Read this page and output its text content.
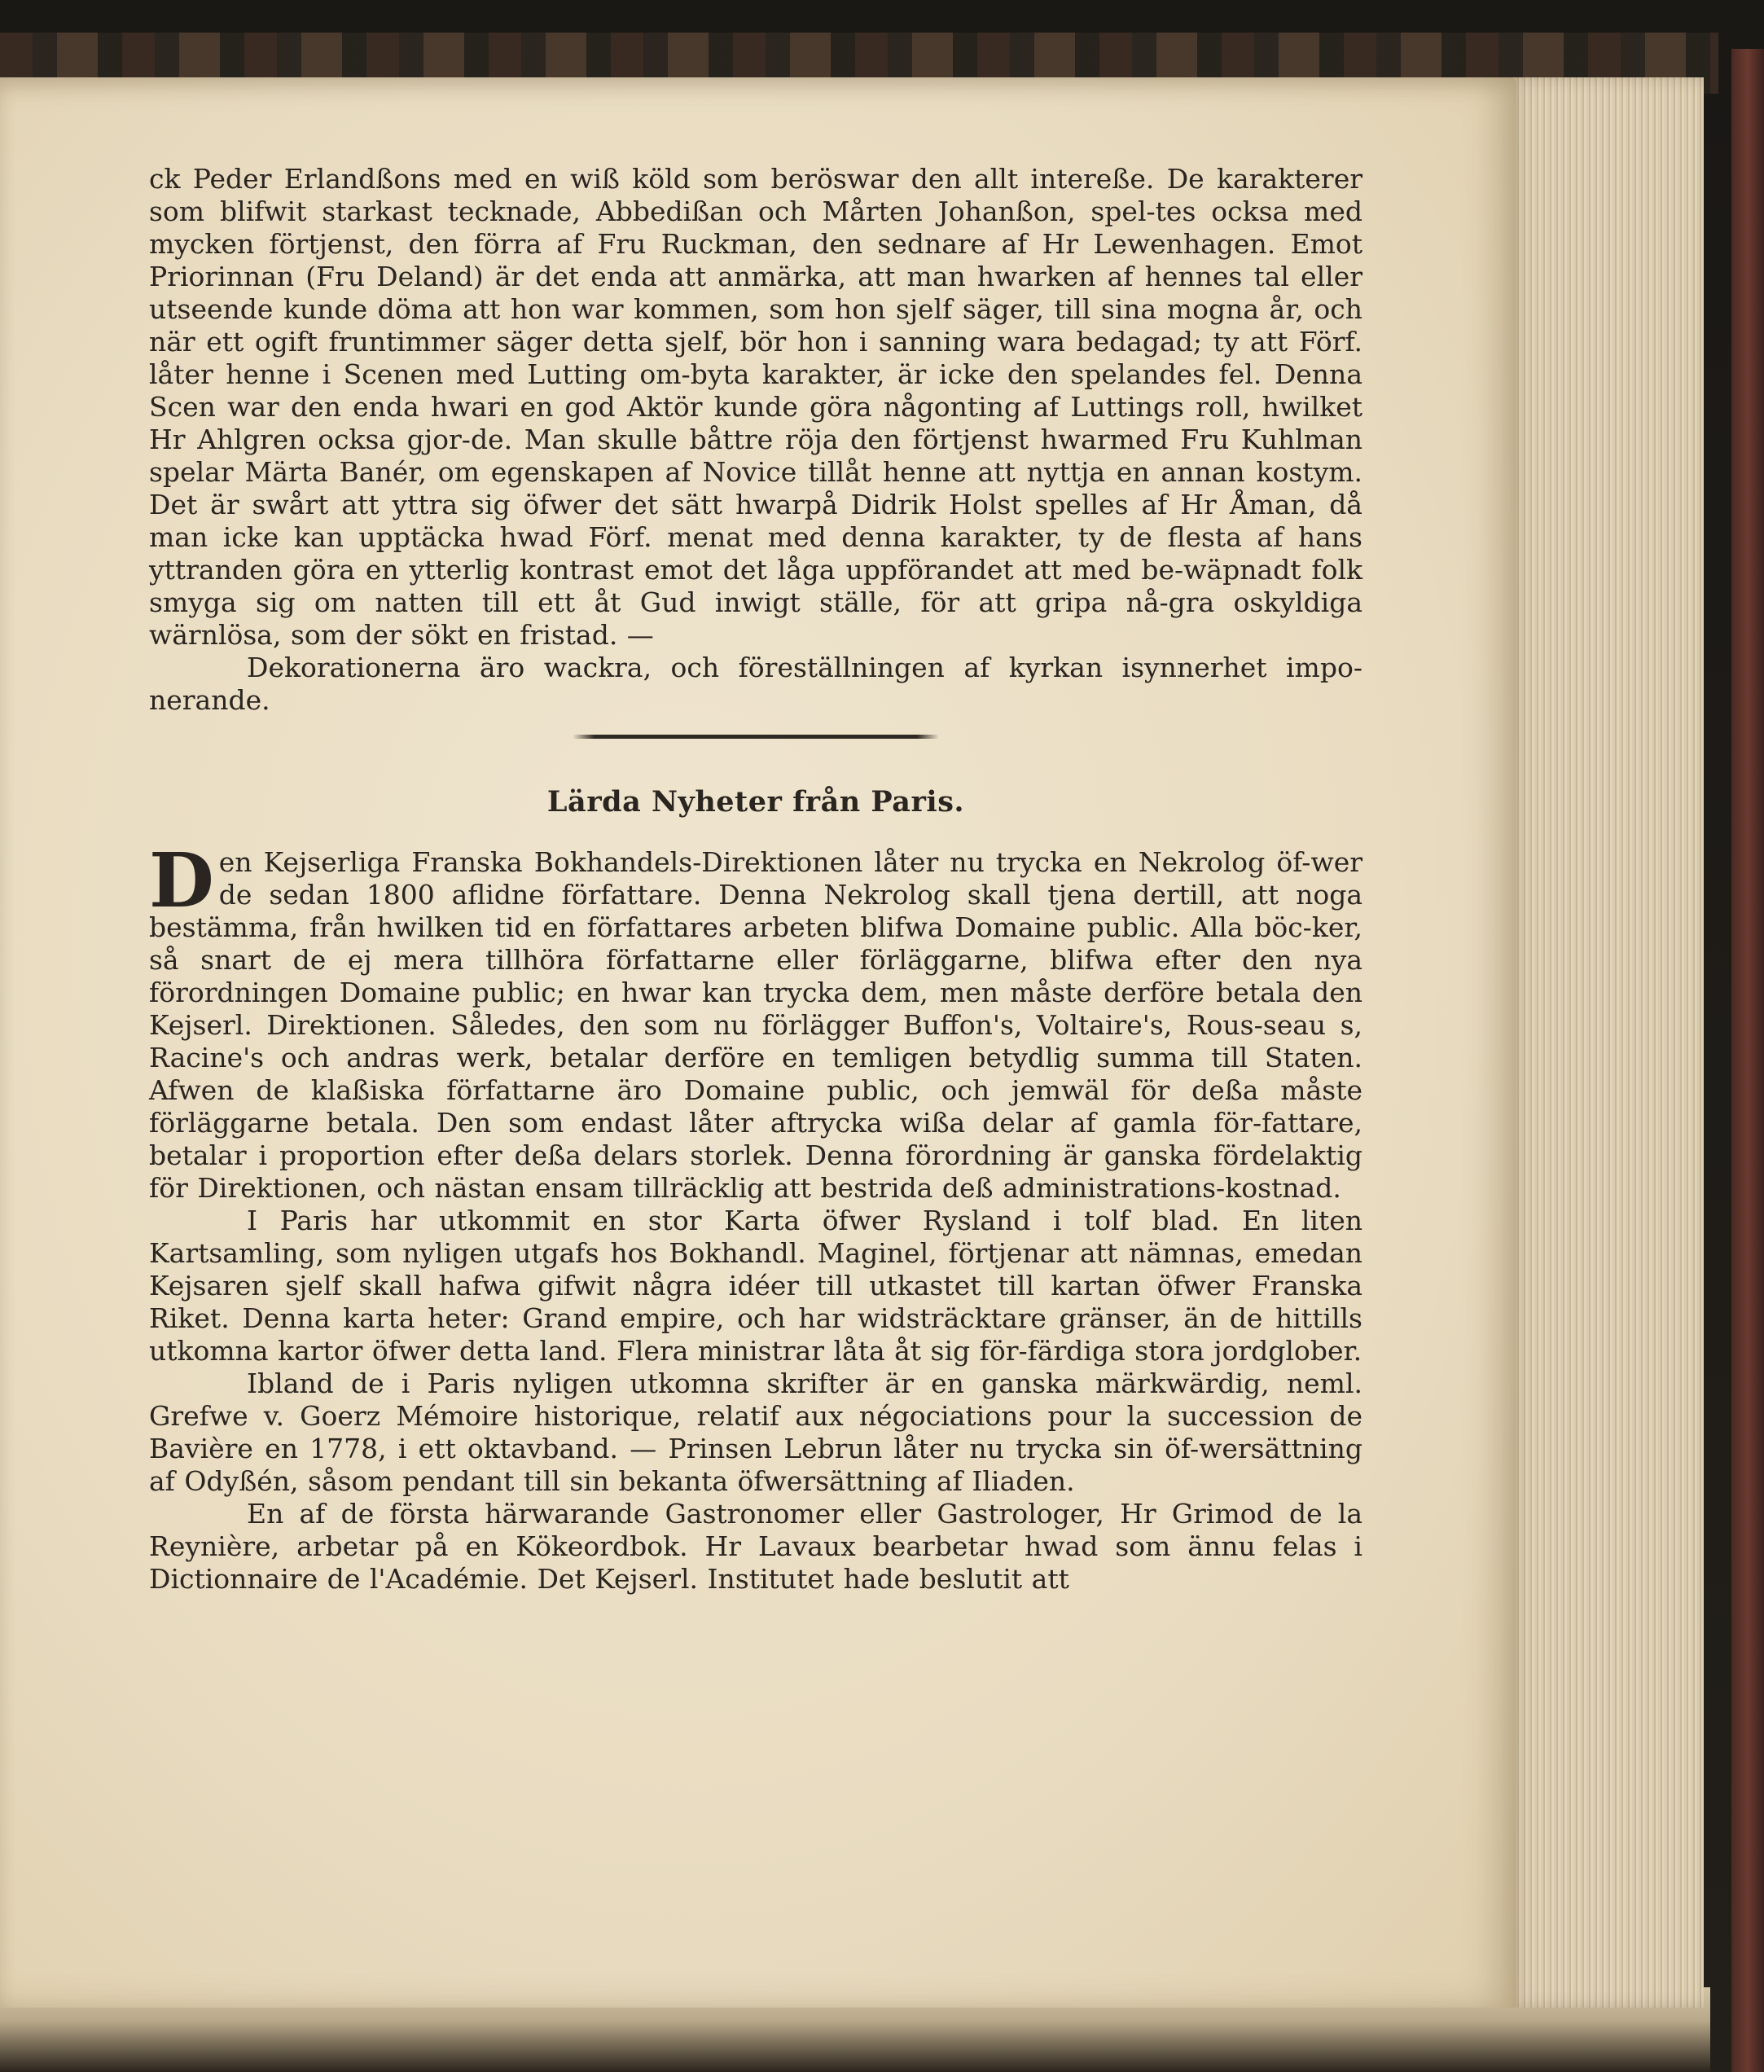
ck Peder Erlandßons med en wiß köld som beröswar den allt intereße. De karakterer som blifwit starkast tecknade, Abbedißan och Mårten Johanßon, spel-tes ocksa med mycken förtjenst, den förra af Fru Ruckman, den sednare af Hr Lewenhagen. Emot Priorinnan (Fru Deland) är det enda att anmärka, att man hwarken af hennes tal eller utseende kunde döma att hon war kommen, som hon sjelf säger, till sina mogna år, och när ett ogift fruntimmer säger detta sjelf, bör hon i sanning wara bedagad; ty att Förf. låter henne i Scenen med Lutting om-byta karakter, är icke den spelandes fel. Denna Scen war den enda hwari en god Aktör kunde göra någonting af Luttings roll, hwilket Hr Ahlgren ocksa gjor-de. Man skulle båttre röja den förtjenst hwarmed Fru Kuhlman spelar Märta Banér, om egenskapen af Novice tillåt henne att nyttja en annan kostym. Det är swårt att yttra sig öfwer det sätt hwarpå Didrik Holst spelles af Hr Åman, då man icke kan upptäcka hwad Förf. menat med denna karakter, ty de flesta af hans yttranden göra en ytterlig kontrast emot det låga uppförandet att med be-wäpnadt folk smyga sig om natten till ett åt Gud inwigt ställe, för att gripa nå-gra oskyldiga wärnlösa, som der sökt en fristad. —

Dekorationerna äro wackra, och föreställningen af kyrkan isynnerhet impo-nerande.

Lärda Nyheter från Paris.

Den Kejserliga Franska Bokhandels-Direktionen låter nu trycka en Nekrolog öf-wer de sedan 1800 aflidne författare. Denna Nekrolog skall tjena dertill, att noga bestämma, från hwilken tid en författares arbeten blifwa Domaine public. Alla böc-ker, så snart de ej mera tillhöra författarne eller förläggarne, blifwa efter den nya förordningen Domaine public; en hwar kan trycka dem, men måste derföre betala den Kejserl. Direktionen. Således, den som nu förlägger Buffon's, Voltaire's, Rous-seau s, Racine's och andras werk, betalar derföre en temligen betydlig summa till Staten. Afwen de klaßiska författarne äro Domaine public, och jemwäl för deßa måste förläggarne betala. Den som endast låter aftrycka wißa delar af gamla för-fattare, betalar i proportion efter deßa delars storlek. Denna förordning är ganska fördelaktig för Direktionen, och nästan ensam tillräcklig att bestrida deß administrations-kostnad.

I Paris har utkommit en stor Karta öfwer Rysland i tolf blad. En liten Kartsamling, som nyligen utgafs hos Bokhandl. Maginel, förtjenar att nämnas, emedan Kejsaren sjelf skall hafwa gifwit några idéer till utkastet till kartan öfwer Franska Riket. Denna karta heter: Grand empire, och har widsträcktare gränser, än de hittills utkomna kartor öfwer detta land. Flera ministrar låta åt sig för-färdiga stora jordglober.

Ibland de i Paris nyligen utkomna skrifter är en ganska märkwärdig, neml. Grefwe v. Goerz Mémoire historique, relatif aux négociations pour la succession de Bavière en 1778, i ett oktavband. — Prinsen Lebrun låter nu trycka sin öf-wersättning af Odyßén, såsom pendant till sin bekanta öfwersättning af Iliaden.

En af de första härwarande Gastronomer eller Gastrologer, Hr Grimod de la Reynière, arbetar på en Kökeordbok. Hr Lavaux bearbetar hwad som ännu felas i Dictionnaire de l'Académie. Det Kejserl. Institutet hade beslutit att
